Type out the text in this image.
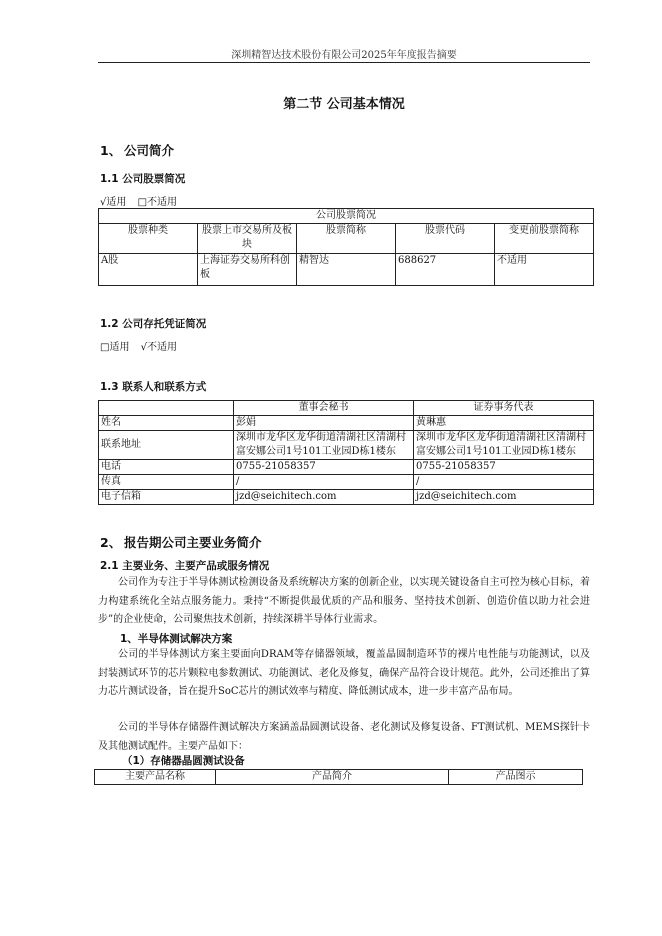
深圳精智达技术股份有限公司2025年年度报告摘要
第二节 公司基本情况
1、 公司简介
1.1 公司股票简况
√适用 □不适用
公司股票简况				
股票种类	股票上市交易所及板块	股票简称	股票代码	变更前股票简称
A股	上海证券交易所科创板	精智达	688627	不适用
1.2 公司存托凭证简况
□适用 √不适用
1.3 联系人和联系方式
	董事会秘书	证券事务代表
姓名	彭娟	黄琳惠
联系地址	深圳市龙华区龙华街道清湖社区清湖村富安娜公司1号101工业园D栋1楼东	深圳市龙华区龙华街道清湖社区清湖村富安娜公司1号101工业园D栋1楼东
电话	0755-21058357	0755-21058357
传真	/	/
电子信箱	jzd@seichitech.com	jzd@seichitech.com
2、 报告期公司主要业务简介
2.1 主要业务、主要产品或服务情况

公司作为专注于半导体测试检测设备及系统解决方案的创新企业，以实现关键设备自主可控为核心目标，着力构建系统化全站点服务能力。秉持“不断提供最优质的产品和服务、坚持技术创新、创造价值以助力社会进步”的企业使命，公司聚焦技术创新，持续深耕半导体行业需求。

1、半导体测试解决方案

公司的半导体测试方案主要面向DRAM等存储器领域，覆盖晶圆制造环节的裸片电性能与功能测试，以及封装测试环节的芯片颗粒电参数测试、功能测试、老化及修复，确保产品符合设计规范。此外，公司还推出了算力芯片测试设备，旨在提升SoC芯片的测试效率与精度、降低测试成本，进一步丰富产品布局。

公司的半导体存储器件测试解决方案涵盖晶圆测试设备、老化测试及修复设备、FT测试机、MEMS探针卡及其他测试配件。主要产品如下：

（1）存储器晶圆测试设备
主要产品名称	产品简介	产品图示
